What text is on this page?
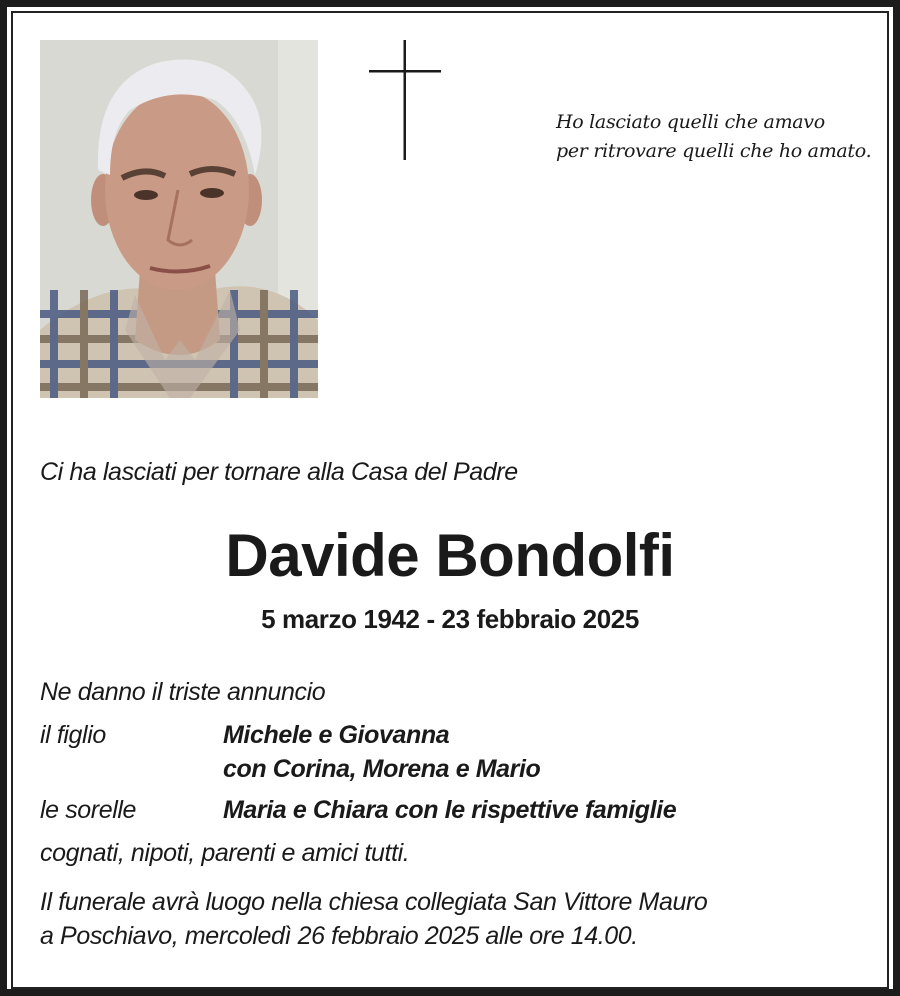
Ho lasciato quelli che amavo
per ritrovare quelli che ho amato.
Ci ha lasciati per tornare alla Casa del Padre
Davide Bondolfi
5 marzo 1942 - 23 febbraio 2025
Ne danno il triste annuncio
il figlio	Michele e Giovanna
con Corina, Morena e Mario
le sorelle	Maria e Chiara con le rispettive famiglie
cognati, nipoti, parenti e amici tutti.
Il funerale avrà luogo nella chiesa collegiata San Vittore Mauro
a Poschiavo, mercoledì 26 febbraio 2025 alle ore 14.00.
